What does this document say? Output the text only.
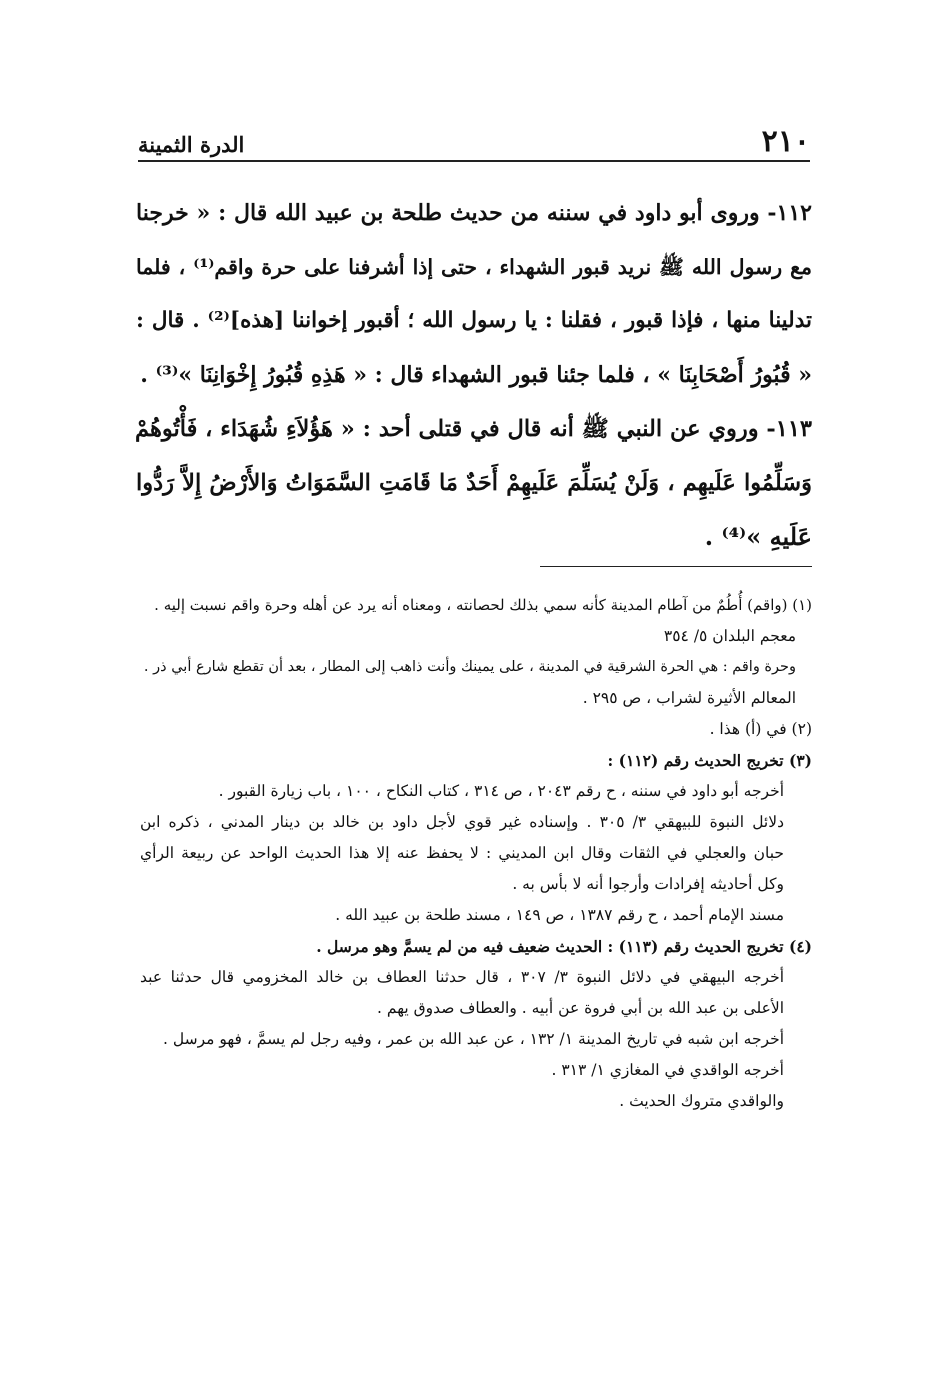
٢١٠
الدرة الثمينة
١١٢- وروى أبو داود في سننه من حديث طلحة بن عبيد الله قال : « خرجنا
مع رسول الله ﷺ نريد قبور الشهداء ، حتى إذا أشرفنا على حرة واقم⁽¹⁾ ، فلما
تدلينا منها ، فإذا قبور ، فقلنا : يا رسول الله ؛ أقبور إخواننا [هذه]⁽²⁾ . قال :
« قُبُورُ أَصْحَابِنَا » ، فلما جئنا قبور الشهداء قال : « هَذِهِ قُبُورُ إِخْوَانِنَا »⁽³⁾ .
١١٣- وروي عن النبي ﷺ أنه قال في قتلى أحد : « هَؤُلاَءِ شُهَدَاء ، فَأْتُوهُمْ
وَسَلِّمُوا عَلَيهِم ، وَلَنْ يُسَلِّمَ عَلَيهِمْ أَحَدٌ مَا قَامَتِ السَّمَوَاتُ وَالأَرْضُ إِلاَّ رَدُّوا
عَلَيهِ »⁽⁴⁾ .
(١) (واقم) أُطُمٌ من آطام المدينة كأنه سمي بذلك لحصانته ، ومعناه أنه يرد عن أهله وحرة واقم نسبت إليه .
معجم البلدان ٥/ ٣٥٤
وحرة واقم : هي الحرة الشرقية في المدينة ، على يمينك وأنت ذاهب إلى المطار ، بعد أن تقطع شارع أبي ذر .
المعالم الأثيرة لشراب ، ص ٢٩٥ .
(٢) في (أ) هذا .
(٣) تخريج الحديث رقم (١١٢) :
أخرجه أبو داود في سننه ، ح رقم ٢٠٤٣ ، ص ٣١٤ ، كتاب النكاح ، ١٠٠ ، باب زيارة القبور .
دلائل النبوة للبيهقي ٣/ ٣٠٥ . وإسناده غير قوي لأجل داود بن خالد بن دينار المدني ، ذكره ابن
حبان والعجلي في الثقات وقال ابن المديني : لا يحفظ عنه إلا هذا الحديث الواحد عن ربيعة الرأي
وكل أحاديثه إفرادات وأرجوا أنه لا بأس به .
مسند الإمام أحمد ، ح رقم ١٣٨٧ ، ص ١٤٩ ، مسند طلحة بن عبيد الله .
(٤) تخريج الحديث رقم (١١٣) : الحديث ضعيف فيه من لم يسمَّ وهو مرسل .
أخرجه البيهقي في دلائل النبوة ٣/ ٣٠٧ ، قال حدثنا العطاف بن خالد المخزومي قال حدثنا عبد
الأعلى بن عبد الله بن أبي فروة عن أبيه . والعطاف صدوق يهم .
أخرجه ابن شبه في تاريخ المدينة ١/ ١٣٢ ، عن عبد الله بن عمر ، وفيه رجل لم يسمَّ ، فهو مرسل .
أخرجه الواقدي في المغازي ١/ ٣١٣ .
والواقدي متروك الحديث .
